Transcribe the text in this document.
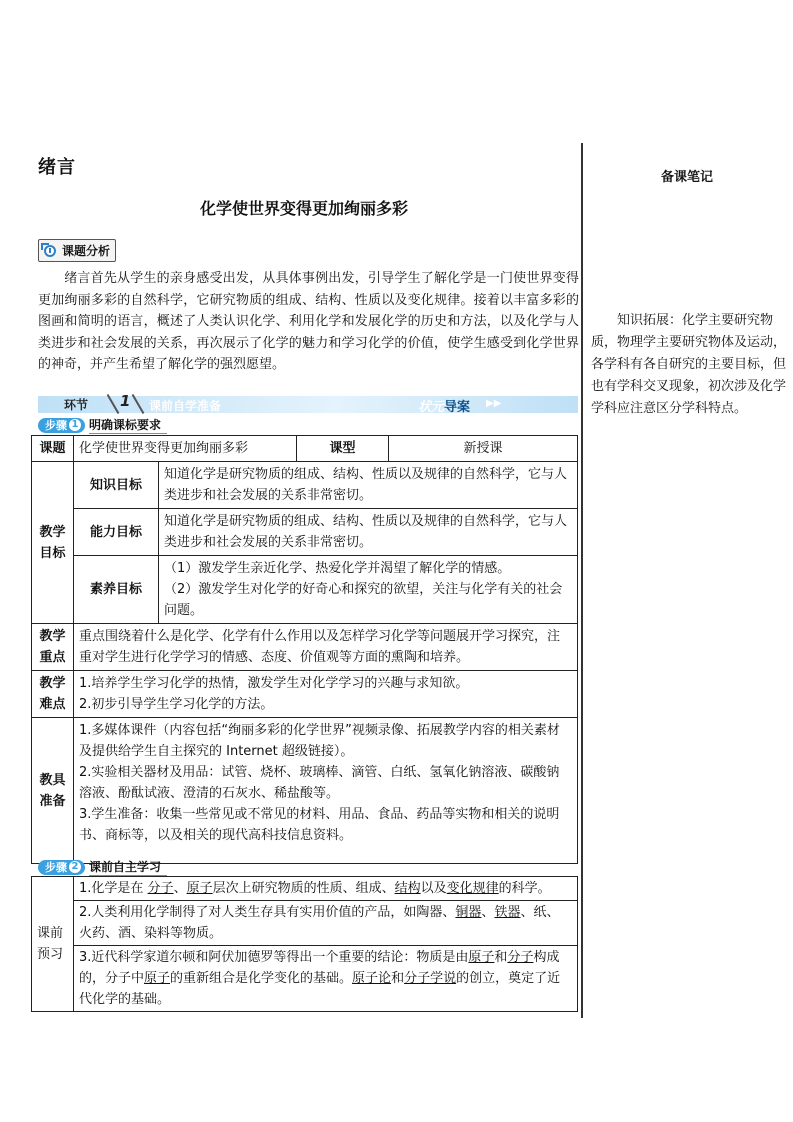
绪言
化学使世界变得更加绚丽多彩
课题分析
绪言首先从学生的亲身感受出发，从具体事例出发，引导学生了解化学是一门使世界变得更加绚丽多彩的自然科学，它研究物质的组成、结构、性质以及变化规律。接着以丰富多彩的图画和简明的语言，概述了人类认识化学、利用化学和发展化学的历史和方法，以及化学与人类进步和社会发展的关系，再次展示了化学的魅力和学习化学的价值，使学生感受到化学世界的神奇，并产生希望了解化学的强烈愿望。
备课笔记
知识拓展：化学主要研究物质，物理学主要研究物体及运动，各学科有各自研究的主要目标，但也有学科交叉现象，初次涉及化学学科应注意区分学科特点。
环节 1 课前自学准备	状元导案 ▶▶
步骤 1 明确课标要求
课题	化学使世界变得更加绚丽多彩		课型	新授课
教学目标	知识目标	知道化学是研究物质的组成、结构、性质以及规律的自然科学，它与人类进步和社会发展的关系非常密切。		
	能力目标	知道化学是研究物质的组成、结构、性质以及规律的自然科学，它与人类进步和社会发展的关系非常密切。		
	素养目标	（1）激发学生亲近化学、热爱化学并渴望了解化学的情感。
（2）激发学生对化学的好奇心和探究的欲望，关注与化学有关的社会问题。		

教学重点	重点围绕着什么是化学、化学有什么作用以及怎样学习化学等问题展开学习探究，注重对学生进行化学学习的情感、态度、价值观等方面的熏陶和培养。			
教学难点	1.培养学生学习化学的热情，激发学生对化学学习的兴趣与求知欲。
2.初步引导学生学习化学的方法。			

教具准备	1.多媒体课件（内容包括“绚丽多彩的化学世界”视频录像、拓展教学内容的相关素材及提供给学生自主探究的 Internet 超级链接）。
2.实验相关器材及用品：试管、烧杯、玻璃棒、滴管、白纸、氢氧化钠溶液、碳酸钠溶液、酚酞试液、澄清的石灰水、稀盐酸等。
3.学生准备：收集一些常见或不常见的材料、用品、食品、药品等实物和相关的说明书、商标等，以及相关的现代高科技信息资料。			
步骤 2 课前自主学习
课前预习	1.化学是在 分子、原子层次上研究物质的性质、组成、结构以及变化规律的科学。
2.人类利用化学制得了对人类生存具有实用价值的产品，如陶器、铜器、铁器、纸、火药、酒、染料等物质。
3.近代科学家道尔顿和阿伏加德罗等得出一个重要的结论：物质是由原子和分子构成的，分子中原子的重新组合是化学变化的基础。原子论和分子学说的创立，奠定了近代化学的基础。
